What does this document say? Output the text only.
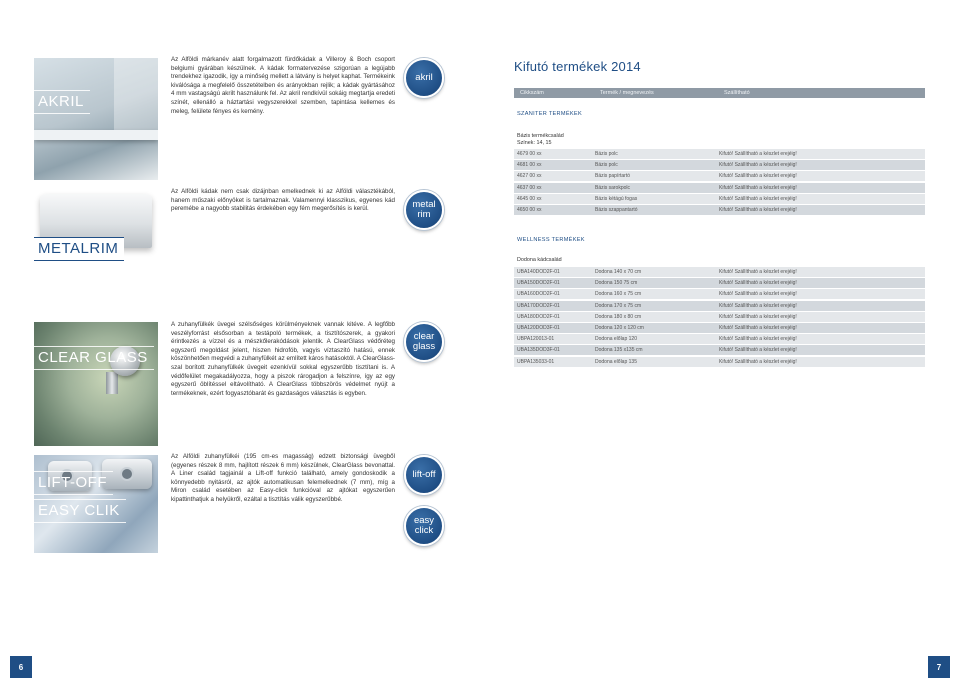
AKRIL

Az Alföldi márkanév alatt forgalmazott fürdőkádak a Villeroy & Boch csoport belgiumi gyárában készülnek. A kádak formatervezése szigorúan a legújabb trendekhez igazodik, így a minőség mellett a látvány is helyet kaphat. Termékeink kiválósága a megfelelő összetételben és arányokban rejlik; a kádak gyártásához 4 mm vastagságú akrilt használunk fel. Az akril rendkívül sokáig megtartja eredeti színét, ellenálló a háztartási vegyszerekkel szemben, tapintása kellemes és meleg, felülete fényes és kemény.

akril
METALRIM

Az Alföldi kádak nem csak dizájnban emelkednek ki az Alföldi választékából, hanem műszaki előnyöket is tartalmaznak. Valamennyi klasszikus, egyenes kád peremébe a nagyobb stabilitás érdekében egy fém megerősítés is kerül.	metal rim
CLEAR GLASS

A zuhanyfülkék üvegei szélsőséges körülményeknek vannak kitéve. A legfőbb veszélyforrást elsősorban a testápoló termékek, a tisztítószerek, a gyakori érintkezés a vízzel és a mészkőlerakódások jelentik. A ClearGlass védőréteg egyszerű megoldást jelent, hiszen hidrofób, vagyis víztaszító hatású, ennek köszönhetően megvédi a zuhanyfülkét az említett káros hatásoktól. A ClearGlass-szal borított zuhanyfülkék üvegeit ezenkívül sokkal egyszerűbb tisztítani is. A védőfelület megakadályozza, hogy a piszok rárogadjon a felszínre, így az egy egyszerű öblítéssel eltávolítható. A ClearGlass többszörös védelmet nyújt a termékeknek, ezért fogyasztóbarát és gazdaságos választás is egyben.

clear glass
LIFT-OFF
EASY CLIK

Az Alföldi zuhanyfülkéi (195 cm-es magasság) edzett biztonsági üvegből (egyenes részek 8 mm, hajlított részek 6 mm) készülnek, ClearGlass bevonattal. A Liner család tagjainál a Lift-off funkció található, amely gondoskodik a könnyedebb nyitásról, az ajtók automatikusan felemelkednek (7 mm), míg a Miron család esetében az Easy-click funkcióval az ajtókat egyszerűen kipattinthatjuk a helyükről, ezáltal a tisztítás válik egyszerűbbé.

lift-off
easy click
6
Kifutó termékek 2014
Cikkszám	Termék / megnevezés	Szállítható
SZANITER TERMÉKEK
Bázis termékcsalád
Színek: 14, 15
4679 00 xx	Bázis polc	Kifutó! Szállítható a készlet erejéig!
4681 00 xx	Bázis polc	Kifutó! Szállítható a készlet erejéig!
4627 00 xx	Bázis papírtartó	Kifutó! Szállítható a készlet erejéig!
4637 00 xx	Bázis sarokpolc	Kifutó! Szállítható a készlet erejéig!
4645 00 xx	Bázis kétágú fogas	Kifutó! Szállítható a készlet erejéig!
4650 00 xx	Bázis szappantartó	Kifutó! Szállítható a készlet erejéig!
WELLNESS TERMÉKEK
Dodona kádcsalád
UBA140DOD2F-01	Dodona 140 x 70 cm	Kifutó! Szállítható a készlet erejéig!
UBA150DOD2F-01	Dodona 150 75 cm	Kifutó! Szállítható a készlet erejéig!
UBA160DOD2F-01	Dodona 160 x 75 cm	Kifutó! Szállítható a készlet erejéig!
UBA170DOD2F-01	Dodona 170 x 75 cm	Kifutó! Szállítható a készlet erejéig!
UBA180DOD2F-01	Dodona 180 x 80 cm	Kifutó! Szállítható a készlet erejéig!
UBA120DOD3F-01	Dodona 120 x 120 cm	Kifutó! Szállítható a készlet erejéig!
UBPA120013-01	Dodona előlap 120	Kifutó! Szállítható a készlet erejéig!
UBA135DOD3F-01	Dodona 135 x135 cm	Kifutó! Szállítható a készlet erejéig!
UBPA135033-01	Dodona előlap 135	Kifutó! Szállítható a készlet erejéig!
7
